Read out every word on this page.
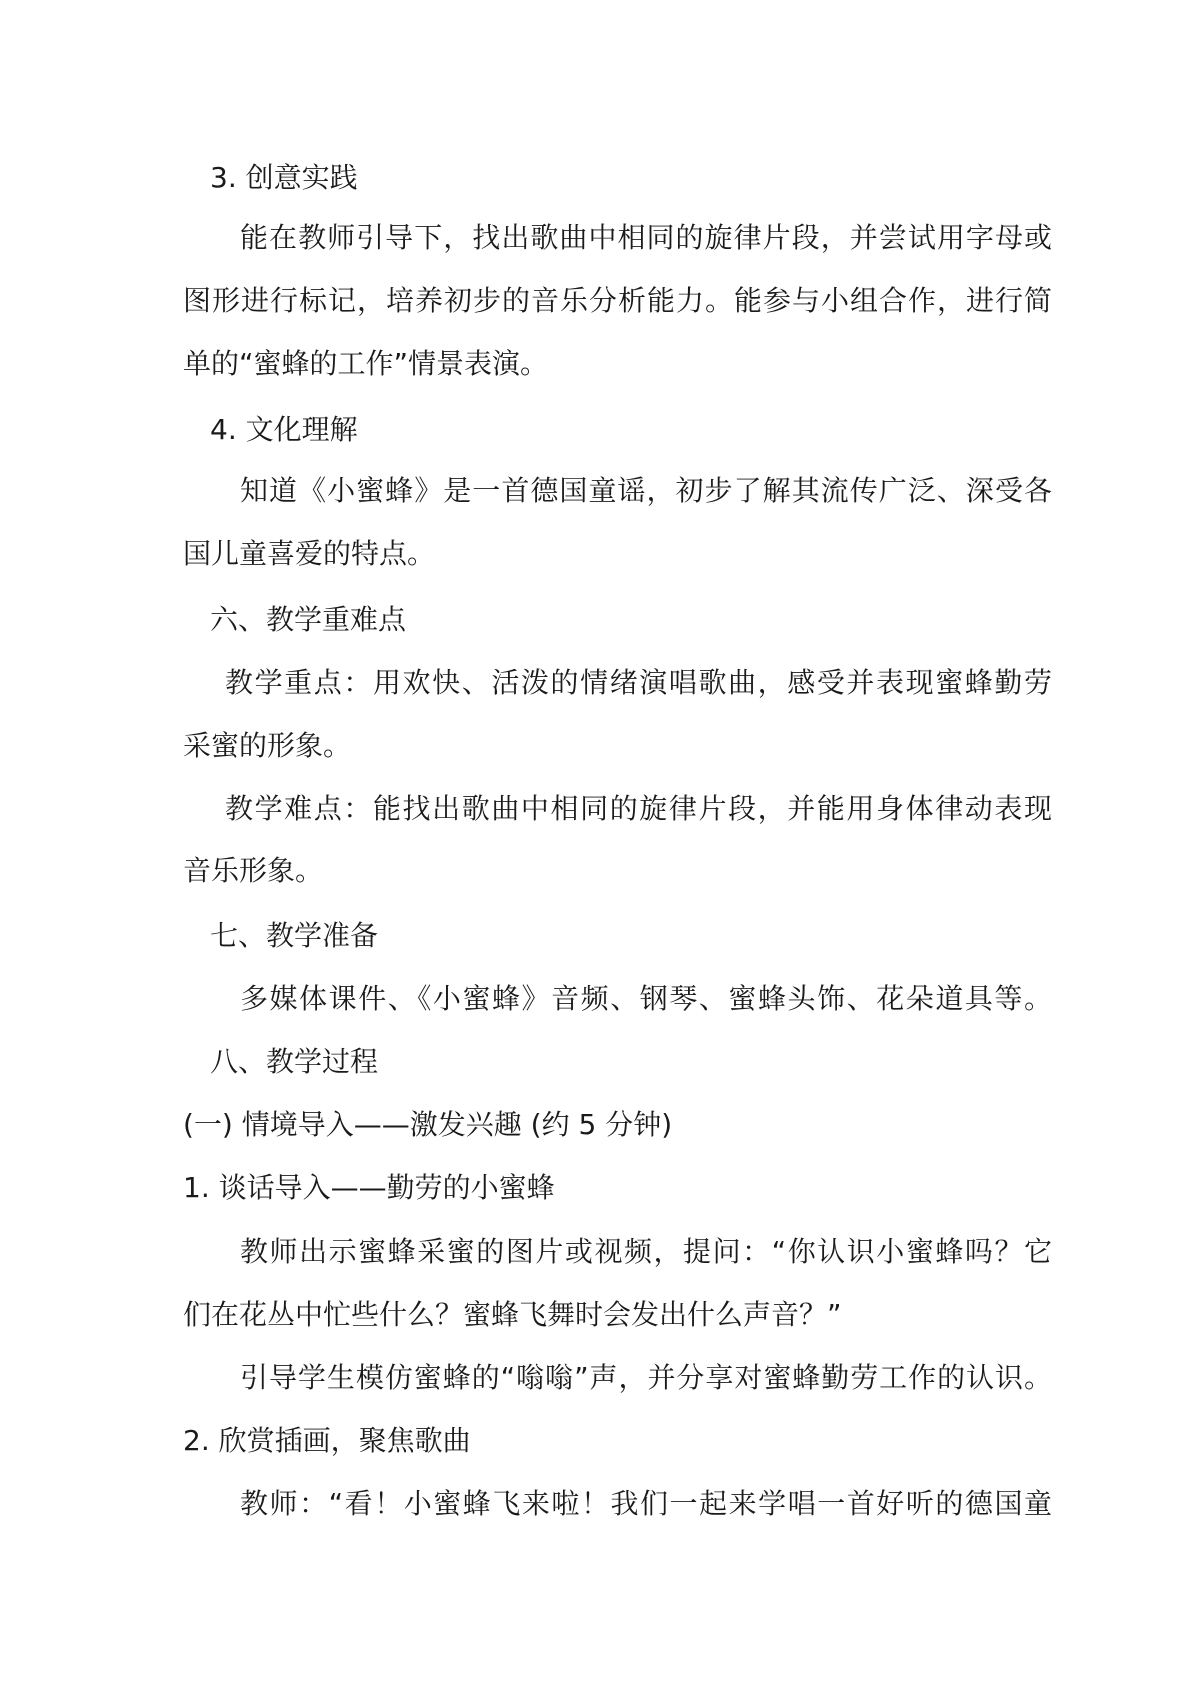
3. 创意实践

能在教师引导下，找出歌曲中相同的旋律片段，并尝试用字母或

图形进行标记，培养初步的音乐分析能力。能参与小组合作，进行简

单的“蜜蜂的工作”情景表演。

4. 文化理解

知道《小蜜蜂》是一首德国童谣，初步了解其流传广泛、深受各

国儿童喜爱的特点。

六、教学重难点

教学重点：用欢快、活泼的情绪演唱歌曲，感受并表现蜜蜂勤劳

采蜜的形象。

教学难点：能找出歌曲中相同的旋律片段，并能用身体律动表现

音乐形象。

七、教学准备

多媒体课件、《小蜜蜂》音频、钢琴、蜜蜂头饰、花朵道具等。

八、教学过程

(一) 情境导入——激发兴趣 (约 5 分钟)

1. 谈话导入——勤劳的小蜜蜂

教师出示蜜蜂采蜜的图片或视频，提问：“你认识小蜜蜂吗？它

们在花丛中忙些什么？蜜蜂飞舞时会发出什么声音？”

引导学生模仿蜜蜂的“嗡嗡”声，并分享对蜜蜂勤劳工作的认识。

2. 欣赏插画，聚焦歌曲

教师：“看！小蜜蜂飞来啦！我们一起来学唱一首好听的德国童
